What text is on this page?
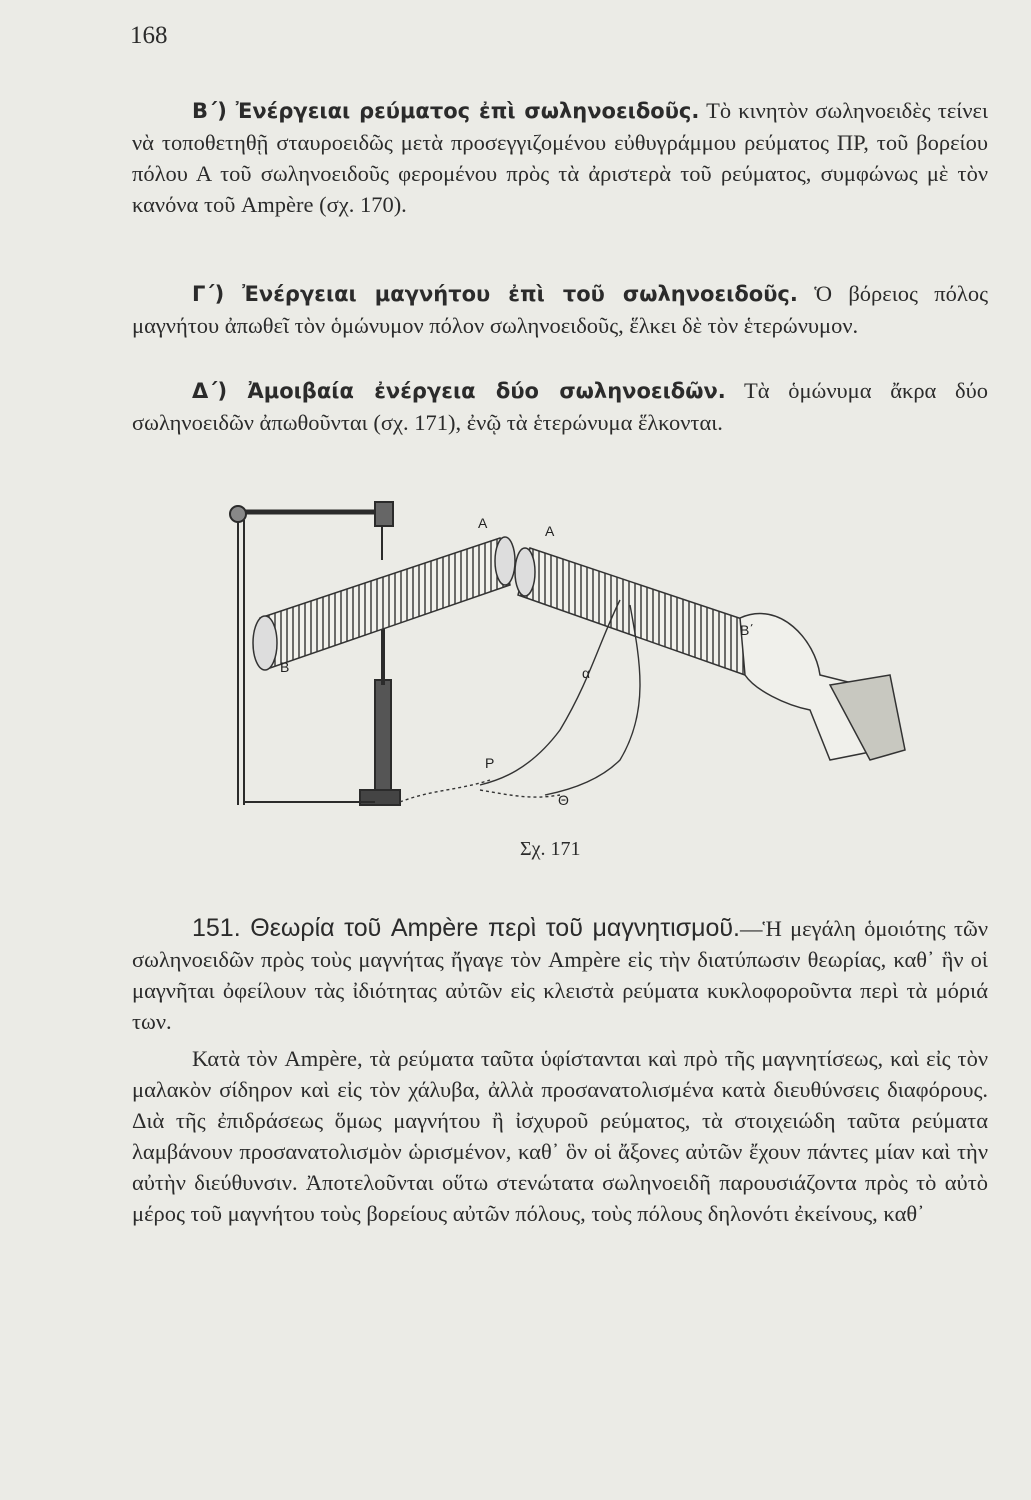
168

Β΄) Ἐνέργειαι ρεύματος ἐπὶ σωληνοειδοῦς. Τὸ κινητὸν σωληνοειδὲς τείνει νὰ τοποθετηθῇ σταυροειδῶς μετὰ προσεγγιζομένου εὐθυγράμμου ρεύματος ΠΡ, τοῦ βορείου πόλου Α τοῦ σωληνοειδοῦς φερομένου πρὸς τὰ ἀριστερὰ τοῦ ρεύματος, συμφώνως μὲ τὸν κανόνα τοῦ Ampère (σχ. 170).

Γ΄) Ἐνέργειαι μαγνήτου ἐπὶ τοῦ σωληνοειδοῦς. Ὁ βόρειος πόλος μαγνήτου ἀπωθεῖ τὸν ὁμώνυμον πόλον σωληνοειδοῦς, ἕλκει δὲ τὸν ἑτερώνυμον.

Δ΄) Ἀμοιβαία ἐνέργεια δύο σωληνοειδῶν. Τὰ ὁμώνυμα ἄκρα δύο σωληνοειδῶν ἀπωθοῦνται (σχ. 171), ἐνῷ τὰ ἑτερώνυμα ἕλκονται.

A	A
B
B΄
α
P
Θ
Σχ. 171

151. Θεωρία τοῦ Ampère περὶ τοῦ μαγνητισμοῦ.—Ἡ μεγάλη ὁμοιότης τῶν σωληνοειδῶν πρὸς τοὺς μαγνήτας ἤγαγε τὸν Ampère εἰς τὴν διατύπωσιν θεωρίας, καθ᾽ ἣν οἱ μαγνῆται ὀφείλουν τὰς ἰδιότητας αὐτῶν εἰς κλειστὰ ρεύματα κυκλοφοροῦντα περὶ τὰ μόριά των.

Κατὰ τὸν Ampère, τὰ ρεύματα ταῦτα ὑφίστανται καὶ πρὸ τῆς μαγνητίσεως, καὶ εἰς τὸν μαλακὸν σίδηρον καὶ εἰς τὸν χάλυβα, ἀλλὰ προσανατολισμένα κατὰ διευθύνσεις διαφόρους. Διὰ τῆς ἐπιδράσεως ὅμως μαγνήτου ἢ ἰσχυροῦ ρεύματος, τὰ στοιχειώδη ταῦτα ρεύματα λαμβάνουν προσανατολισμὸν ὡρισμένον, καθ᾽ ὃν οἱ ἄξονες αὐτῶν ἔχουν πάντες μίαν καὶ τὴν αὐτὴν διεύθυνσιν. Ἀποτελοῦνται οὕτω στενώτατα σωληνοειδῆ παρουσιάζοντα πρὸς τὸ αὐτὸ μέρος τοῦ μαγνήτου τοὺς βορείους αὐτῶν πόλους, τοὺς πόλους δηλονότι ἐκείνους, καθ᾽
